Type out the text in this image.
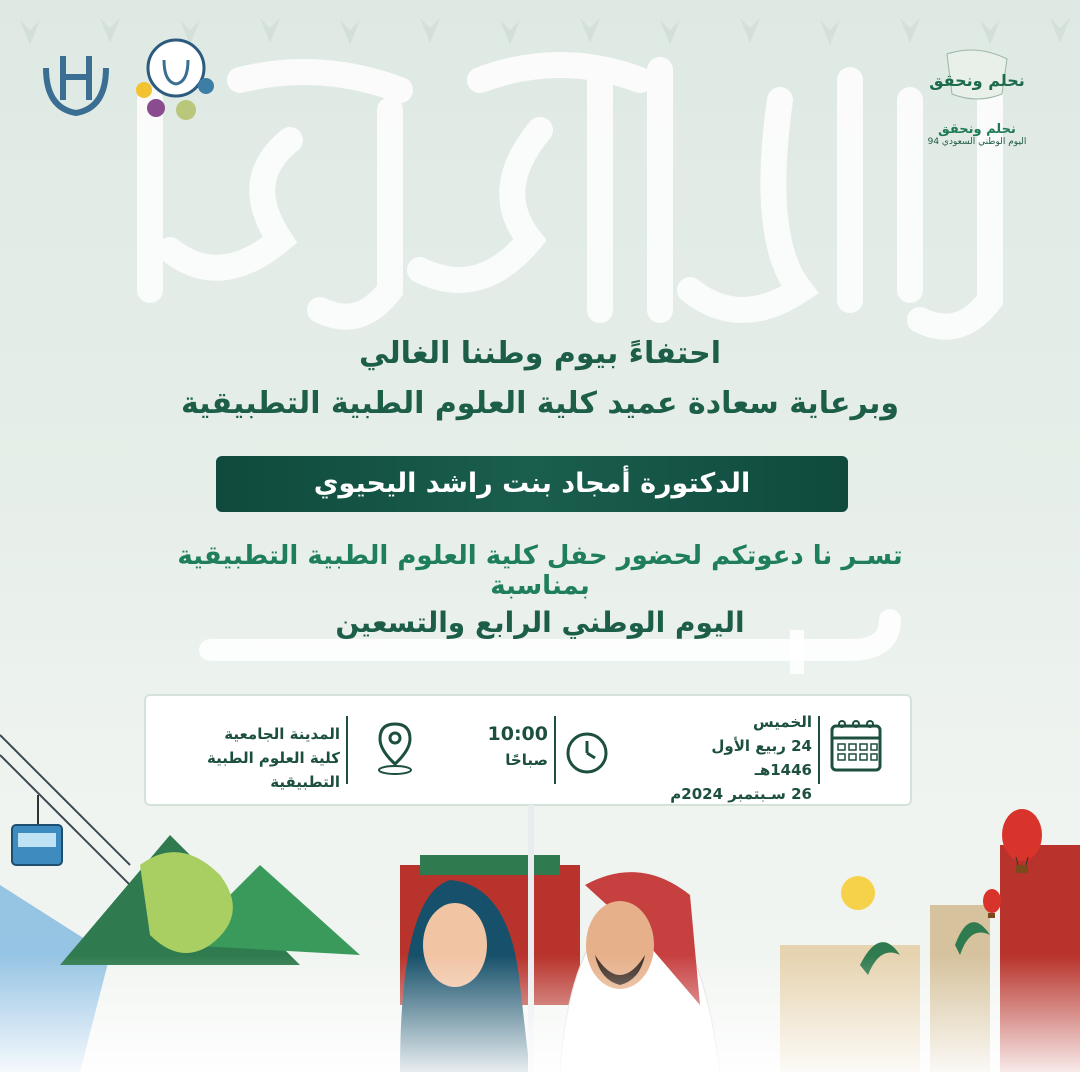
نحلم ونحقق
نحلم ونحقق
اليوم الوطني السعودي 94

احتفاءً بيوم وطننا الغالي

وبرعاية سعادة عميد كلية العلوم الطبية التطبيقية

الدكتورة أمجاد بنت راشد اليحيوي

تسـر نا دعوتكم لحضور حفل كلية العلوم الطبية التطبيقية بمناسبة

اليوم الوطني الرابع والتسعين

الخميس
24 ربيع الأول 1446هـ
26 سـبتمبر 2024م
10:00
صباحًا
المدينة الجامعية
كلية العلوم الطبية التطبيقية
